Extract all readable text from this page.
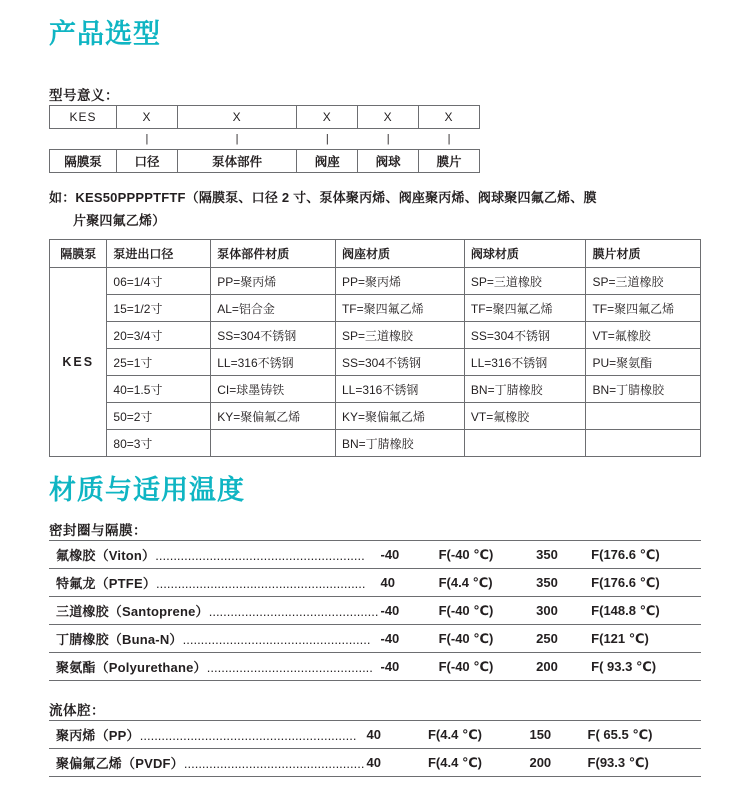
产品选型
型号意义：
KES	X	X	X	X	X
	|	|	|	|	|
隔膜泵	口径	泵体部件	阀座	阀球	膜片
如：KES50PPPPTFTF（隔膜泵、口径 2 寸、泵体聚丙烯、阀座聚丙烯、阀球聚四氟乙烯、膜
片聚四氟乙烯）
隔膜泵	泵进出口径	泵体部件材质	阀座材质	阀球材质	膜片材质
KES	06=1/4寸	PP=聚丙烯	PP=聚丙烯	SP=三道橡胶	SP=三道橡胶
	15=1/2寸	AL=铝合金	TF=聚四氟乙烯	TF=聚四氟乙烯	TF=聚四氟乙烯
	20=3/4寸	SS=304不锈钢	SP=三道橡胶	SS=304不锈钢	VT=氟橡胶
	25=1寸	LL=316不锈钢	SS=304不锈钢	LL=316不锈钢	PU=聚氨酯
	40=1.5寸	CI=球墨铸铁	LL=316不锈钢	BN=丁腈橡胶	BN=丁腈橡胶
	50=2寸	KY=聚偏氟乙烯	KY=聚偏氟乙烯	VT=氟橡胶	
	80=3寸		BN=丁腈橡胶		
材质与适用温度
密封圈与隔膜：
氟橡胶（Viton）..........................................................	-40	F(-40 ℃)	350	F(176.6 ℃)
特氟龙（PTFE）..........................................................	40	F(4.4 ℃)	350	F(176.6 ℃)
三道橡胶（Santoprene）...............................................	-40	F(-40 ℃)	300	F(148.8 ℃)
丁腈橡胶（Buna-N）....................................................	-40	F(-40 ℃)	250	F(121 ℃)
聚氨酯（Polyurethane）..............................................	-40	F(-40 ℃)	200	F( 93.3 ℃)
流体腔：
聚丙烯（PP）............................................................	40	F(4.4 ℃)	150	F( 65.5 ℃)
聚偏氟乙烯（PVDF）..................................................	40	F(4.4 ℃)	200	F(93.3 ℃)
